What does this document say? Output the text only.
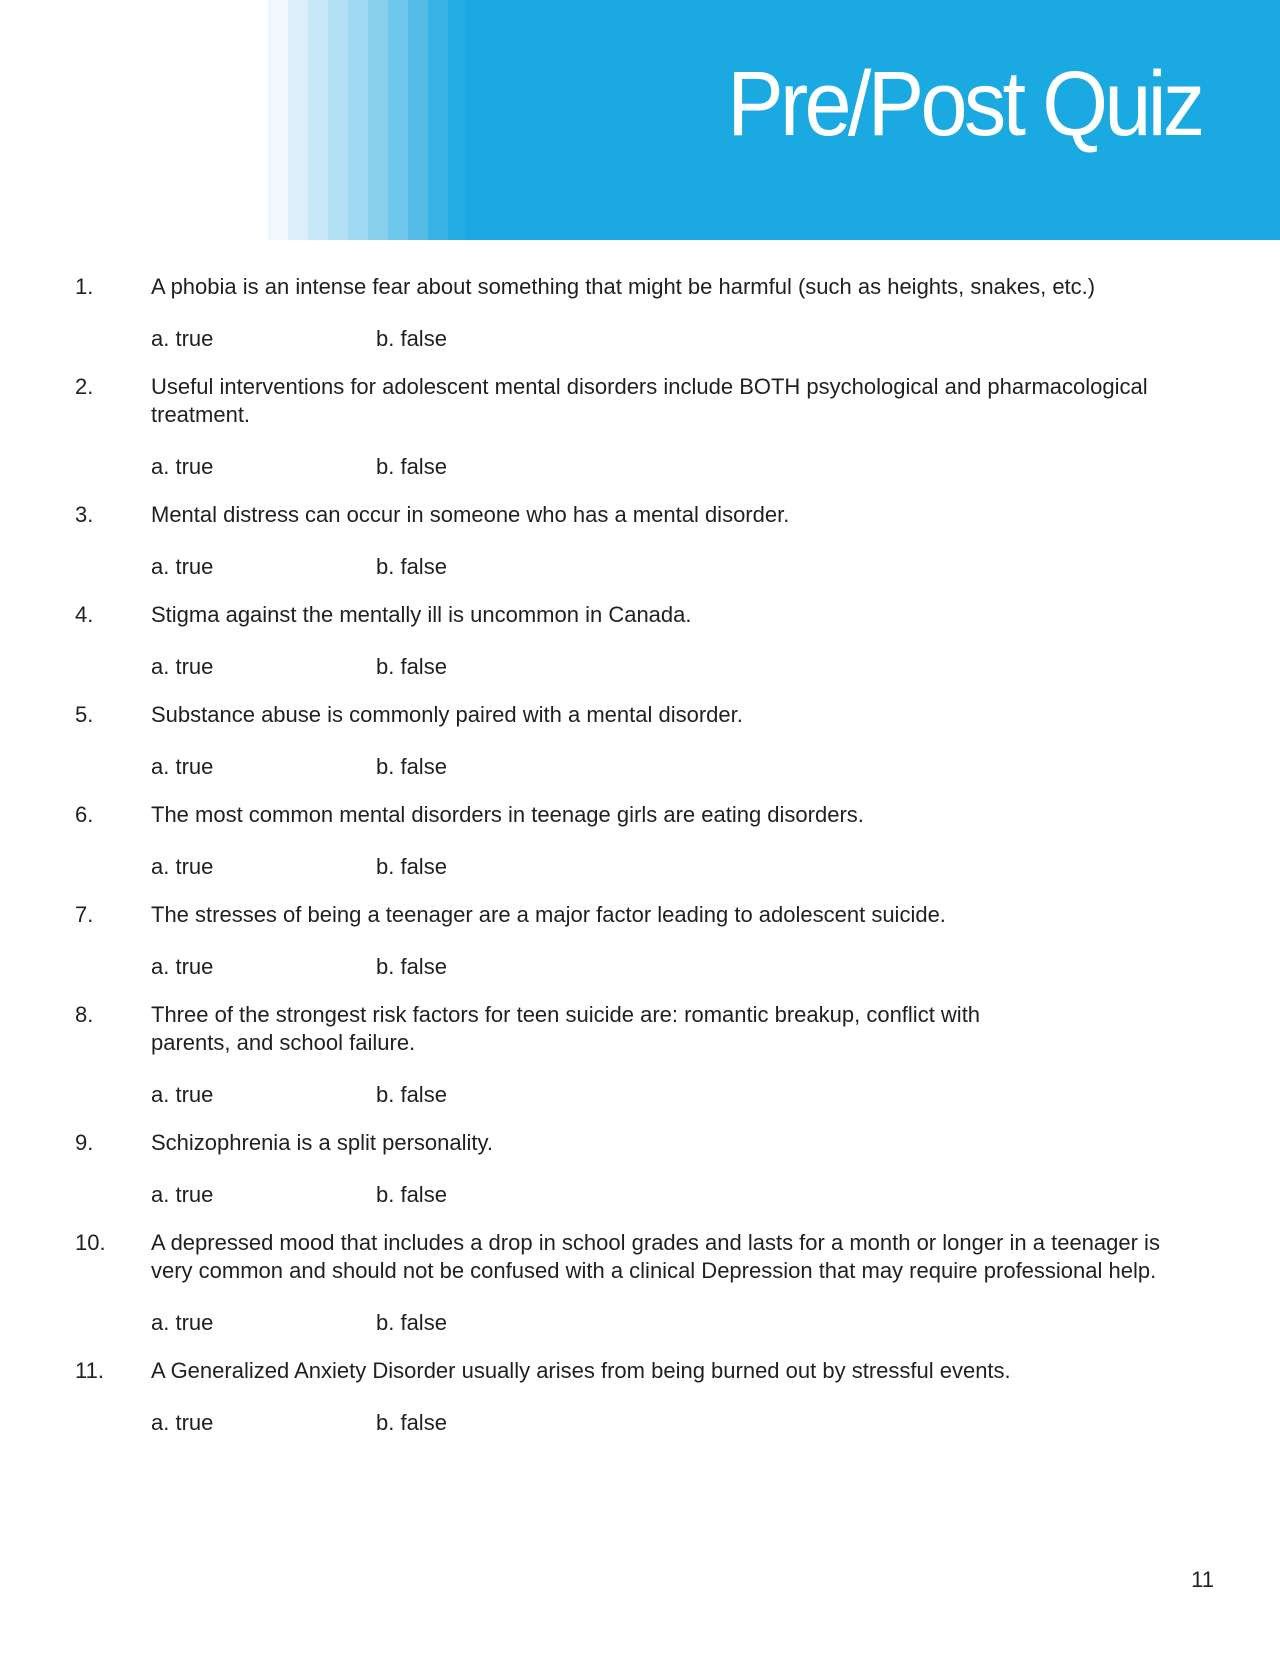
Pre/Post Quiz
1.	A phobia is an intense fear about something that might be harmful (such as heights, snakes, etc.)
a. true	b. false
2.	Useful interventions for adolescent mental disorders include BOTH psychological and pharmacological treatment.
a. true	b. false
3.	Mental distress can occur in someone who has a mental disorder.
a. true	b. false
4.	Stigma against the mentally ill is uncommon in Canada.
a. true	b. false
5.	Substance abuse is commonly paired with a mental disorder.
a. true	b. false
6.	The most common mental disorders in teenage girls are eating disorders.
a. true	b. false
7.	The stresses of being a teenager are a major factor leading to adolescent suicide.
a. true	b. false
8.	Three of the strongest risk factors for teen suicide are: romantic breakup, conflict with parents, and school failure.
a. true	b. false
9.	Schizophrenia is a split personality.
a. true	b. false
10. A depressed mood that includes a drop in school grades and lasts for a month or longer in a teenager is very common and should not be confused with a clinical Depression that may require professional help.
a. true	b. false
11. A Generalized Anxiety Disorder usually arises from being burned out by stressful events.
a. true	b. false
11
